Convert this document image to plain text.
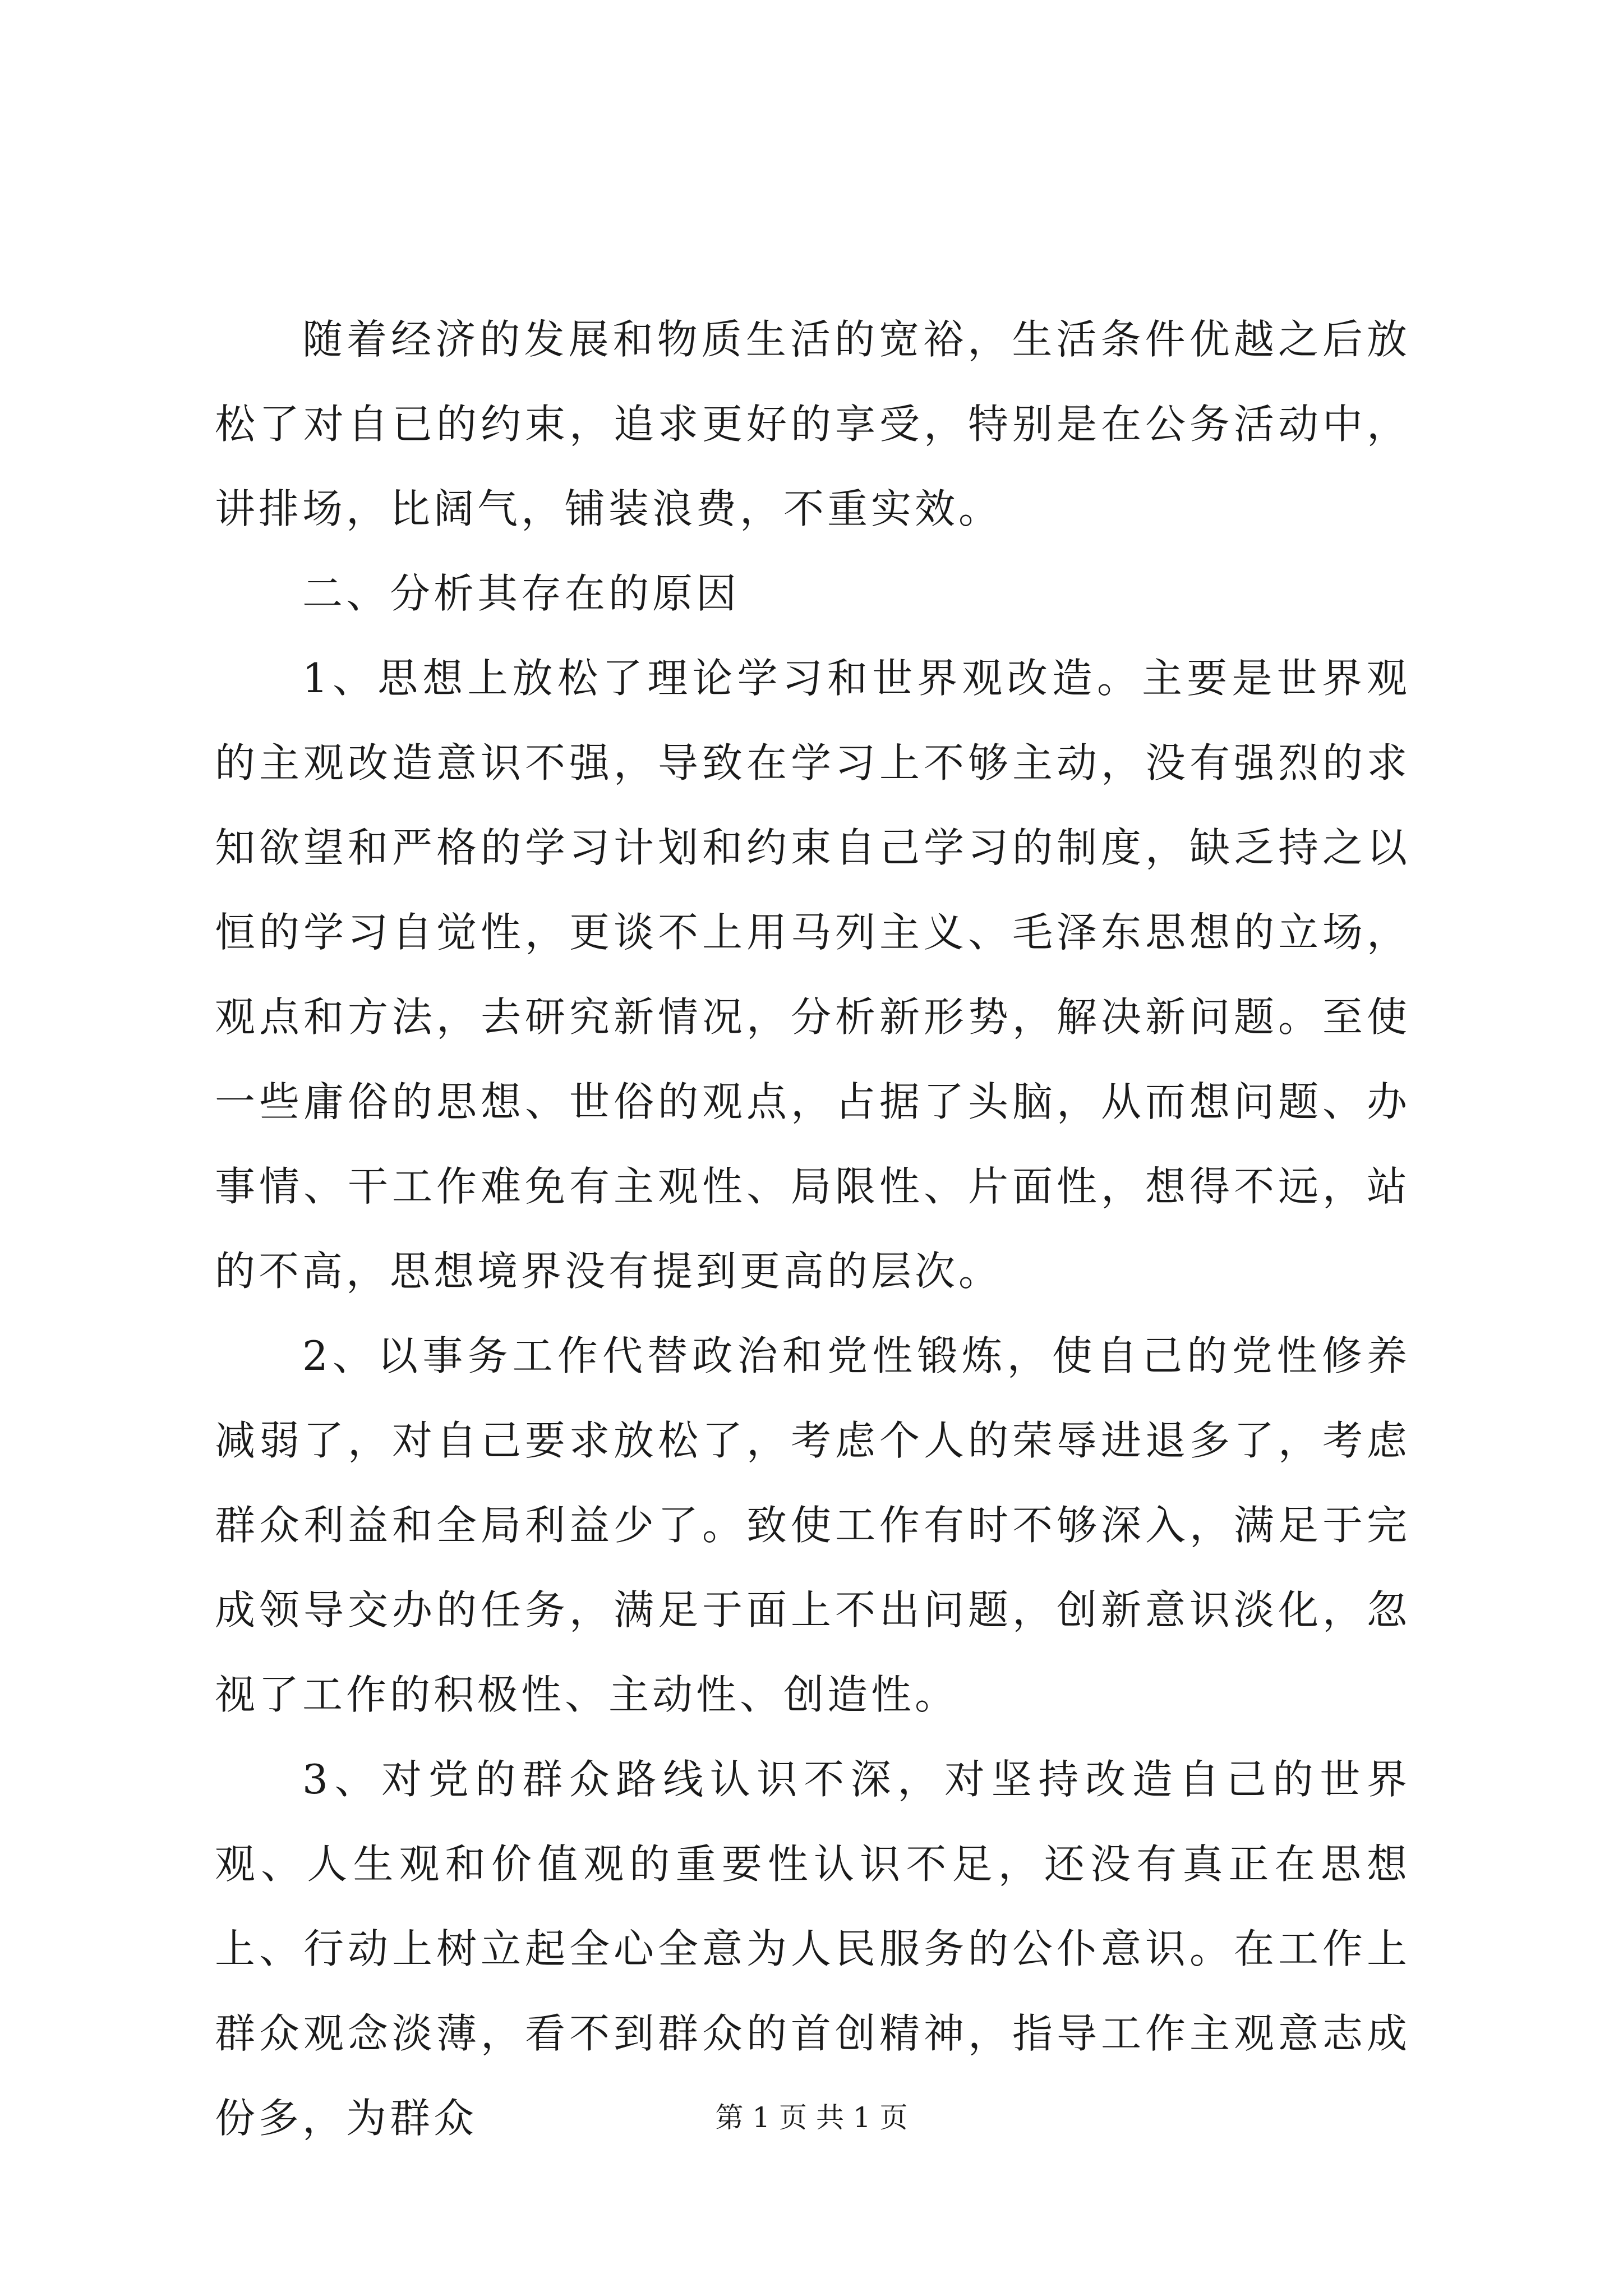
随着经济的发展和物质生活的宽裕，生活条件优越之后放松了对自已的约束，追求更好的享受，特别是在公务活动中，讲排场，比阔气，铺装浪费，不重实效。

二、分析其存在的原因

1、思想上放松了理论学习和世界观改造。主要是世界观的主观改造意识不强，导致在学习上不够主动，没有强烈的求知欲望和严格的学习计划和约束自己学习的制度，缺乏持之以恒的学习自觉性，更谈不上用马列主义、毛泽东思想的立场，观点和方法，去研究新情况，分析新形势，解决新问题。至使一些庸俗的思想、世俗的观点，占据了头脑，从而想问题、办事情、干工作难免有主观性、局限性、片面性，想得不远，站的不高，思想境界没有提到更高的层次。

2、以事务工作代替政治和党性锻炼，使自己的党性修养减弱了，对自己要求放松了，考虑个人的荣辱进退多了，考虑群众利益和全局利益少了。致使工作有时不够深入，满足于完成领导交办的任务，满足于面上不出问题，创新意识淡化，忽视了工作的积极性、主动性、创造性。

3、对党的群众路线认识不深，对坚持改造自己的世界观、人生观和价值观的重要性认识不足，还没有真正在思想上、行动上树立起全心全意为人民服务的公仆意识。在工作上群众观念淡薄，看不到群众的首创精神，指导工作主观意志成份多，为群众	第 1 页 共 1 页
